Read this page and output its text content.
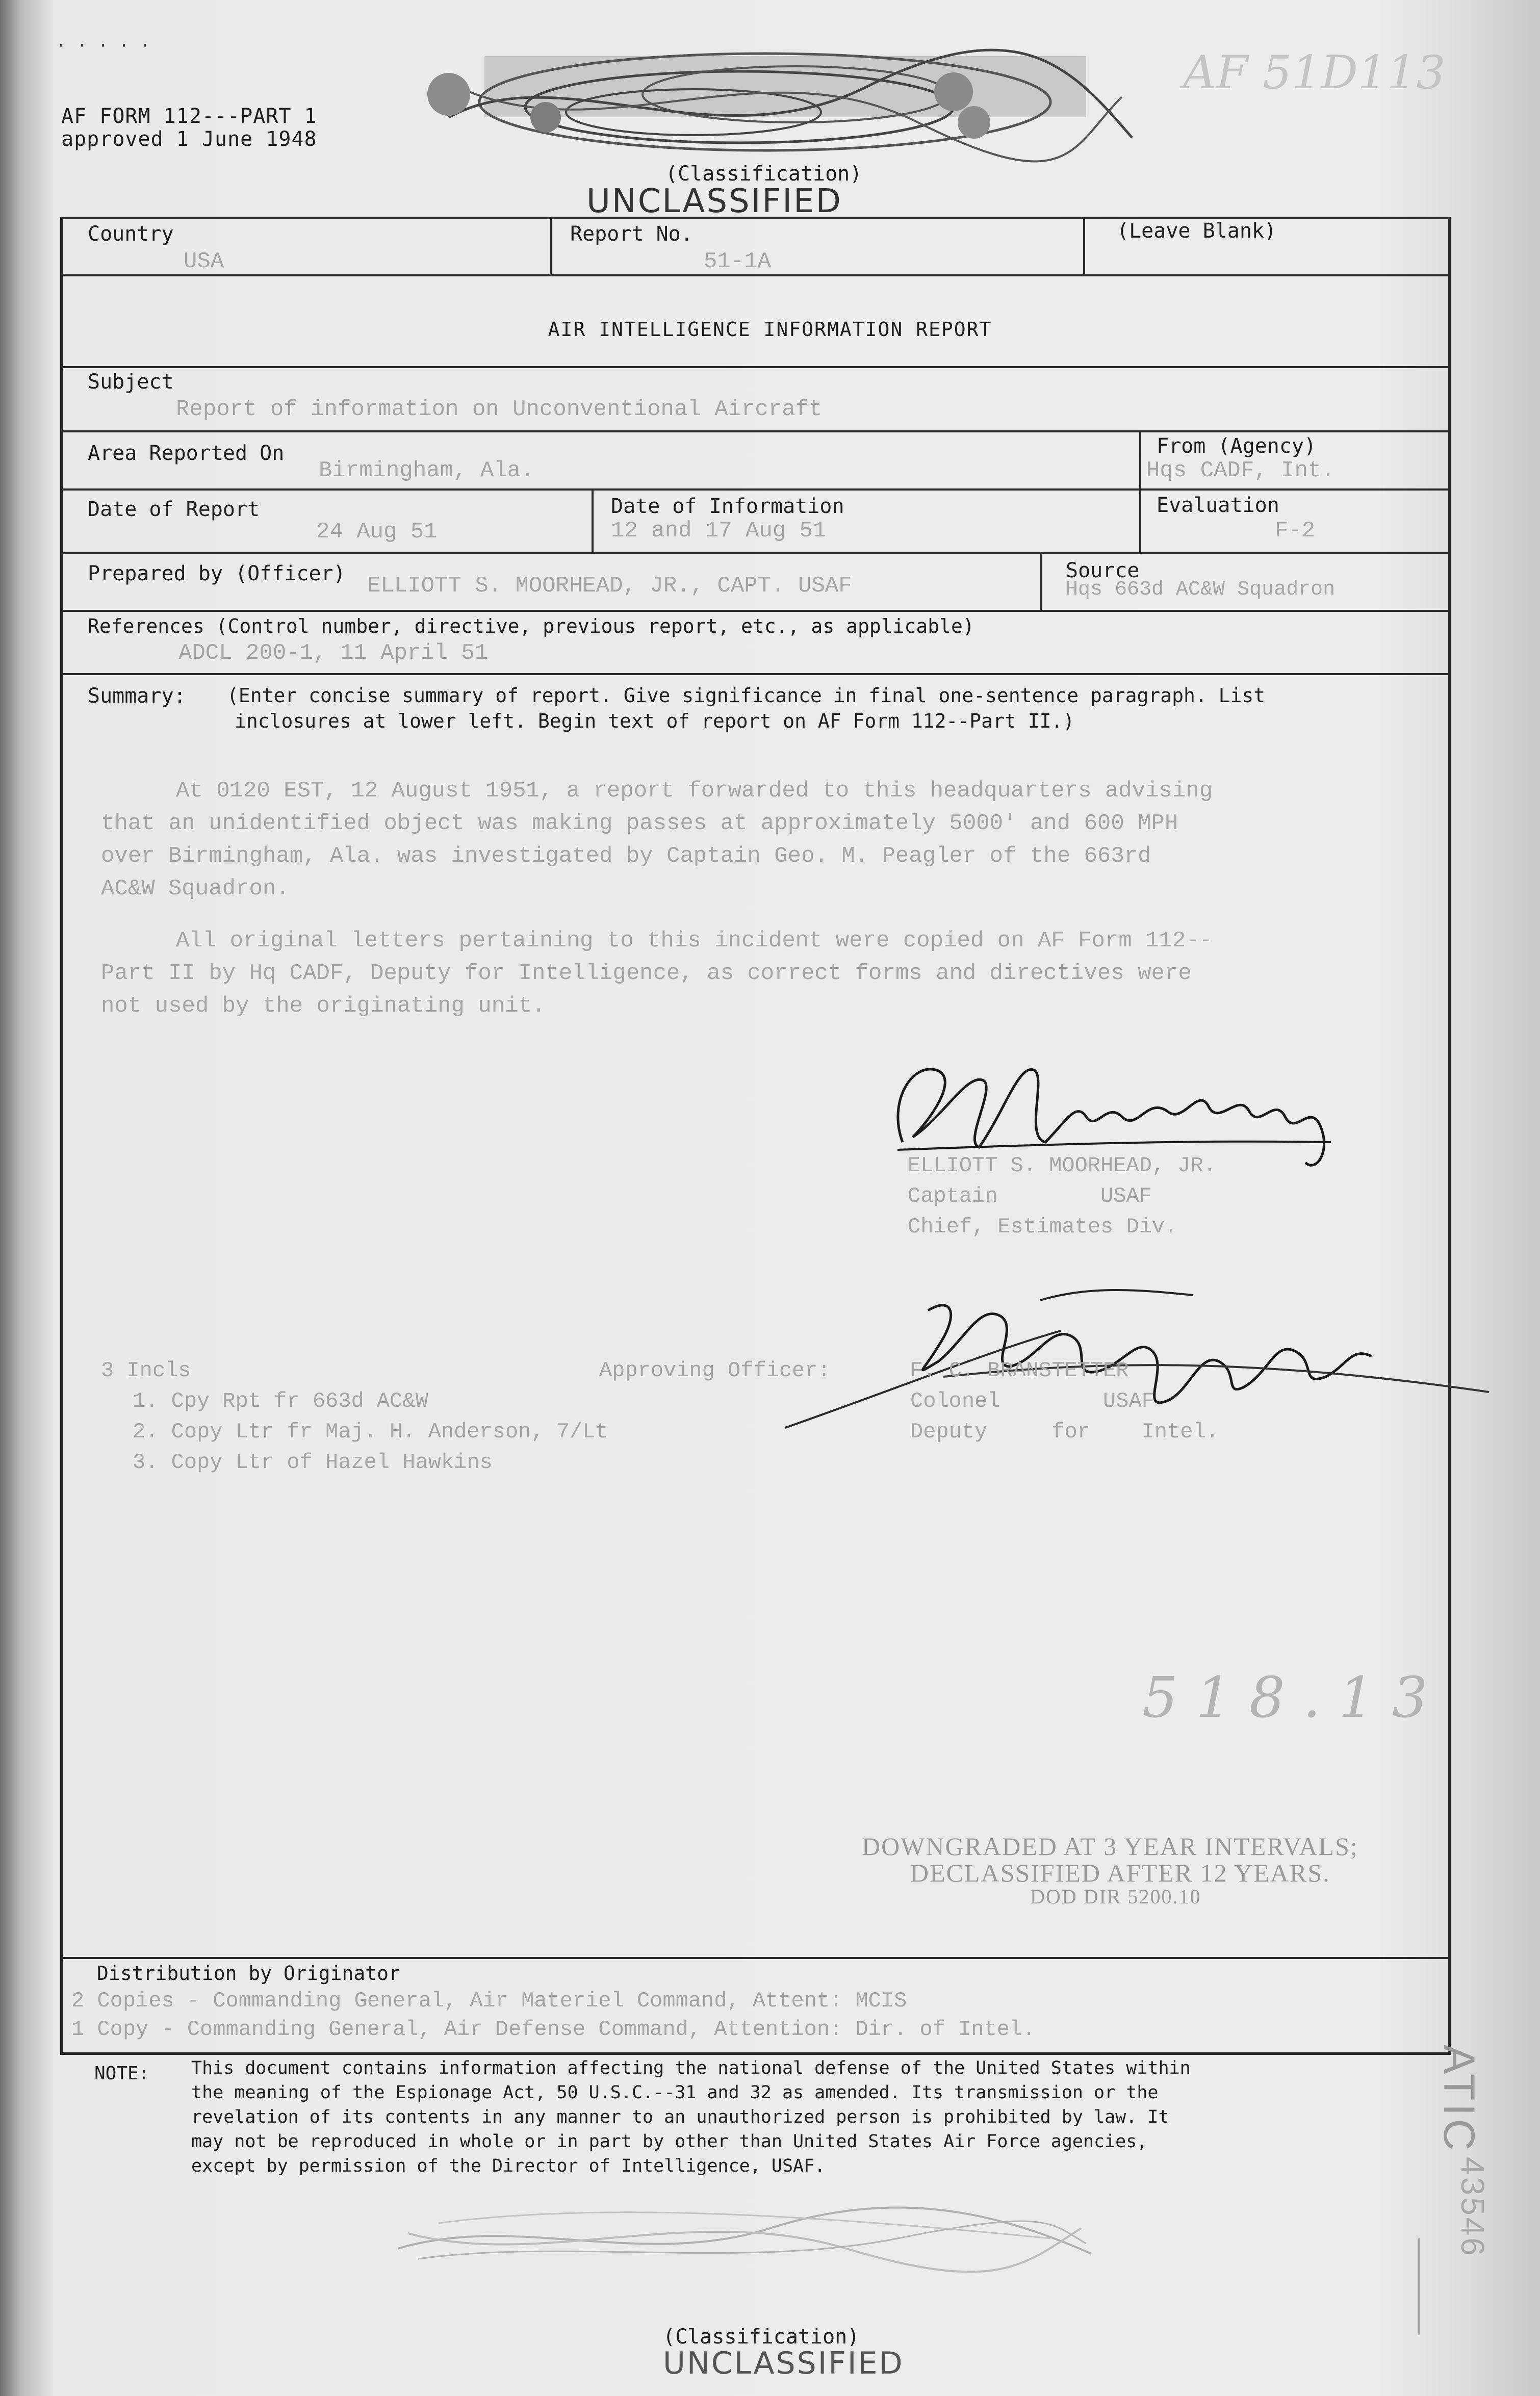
AF FORM 112---PART 1
approved 1 June 1948
· · · · ·	AF 51D113
(Classification)
UNCLASSIFIED
Country
USA
Report No.
51-1A
(Leave Blank)
AIR INTELLIGENCE INFORMATION REPORT
Subject
Report of information on Unconventional Aircraft
Area Reported On
Birmingham, Ala.
From (Agency)
Hqs CADF, Int.
Date of Report
24 Aug 51
Date of Information
12 and 17 Aug 51
Evaluation
F-2
Prepared by (Officer) ELLIOTT S. MOORHEAD, JR., CAPT. USAF
Source
Hqs 663d AC&W Squadron
References (Control number, directive, previous report, etc., as applicable)
ADCL 200-1, 11 April 51
Summary: (Enter concise summary of report. Give significance in final one-sentence paragraph. List
inclosures at lower left. Begin text of report on AF Form 112--Part II.)
At 0120 EST, 12 August 1951, a report forwarded to this headquarters advising
that an unidentified object was making passes at approximately 5000' and 600 MPH
over Birmingham, Ala. was investigated by Captain Geo. M. Peagler of the 663rd
AC&W Squadron.
All original letters pertaining to this incident were copied on AF Form 112--
Part II by Hq CADF, Deputy for Intelligence, as correct forms and directives were
not used by the originating unit.
ELLIOTT S. MOORHEAD, JR.
Captain        USAF
Chief, Estimates Div.
3 Incls
1. Cpy Rpt fr 663d AC&W
2. Copy Ltr fr Maj. H. Anderson, 7/Lt
3. Copy Ltr of Hazel Hawkins
Approving Officer:	F. C. BRANSTETTER
Colonel        USAF
Deputy     for    Intel.
5 1 8 . 1 3
DOWNGRADED AT 3 YEAR INTERVALS;
DECLASSIFIED AFTER 12 YEARS.
DOD DIR 5200.10
Distribution by Originator
2 Copies - Commanding General, Air Materiel Command, Attent: MCIS
1 Copy - Commanding General, Air Defense Command, Attention: Dir. of Intel.
NOTE: This document contains information affecting the national defense of the United States within
the meaning of the Espionage Act, 50 U.S.C.--31 and 32 as amended. Its transmission or the
revelation of its contents in any manner to an unauthorized person is prohibited by law. It
may not be reproduced in whole or in part by other than United States Air Force agencies,
except by permission of the Director of Intelligence, USAF.
ATIC
43546
(Classification)
UNCLASSIFIED
